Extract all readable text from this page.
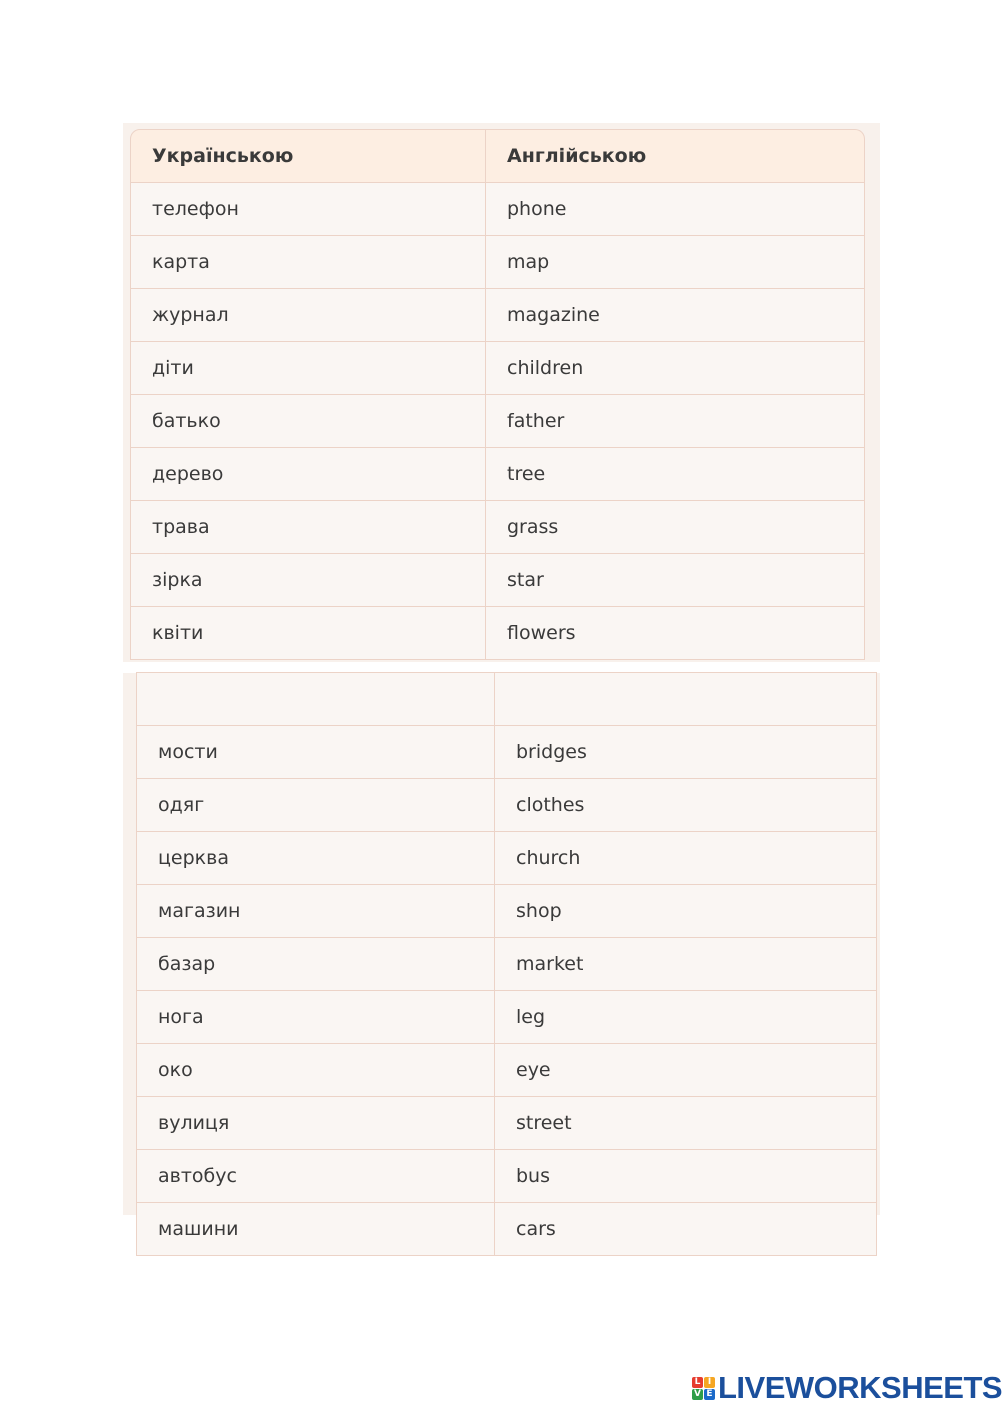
Українською	Англійською
телефон	phone
карта	map
журнал	magazine
діти	children
батько	father
дерево	tree
трава	grass
зірка	star
квіти	flowers

мости	bridges
одяг	clothes
церква	church
магазин	shop
базар	market
нога	leg
око	eye
вулиця	street
автобус	bus
машини	cars
L I
V E LIVEWORKSHEETS
